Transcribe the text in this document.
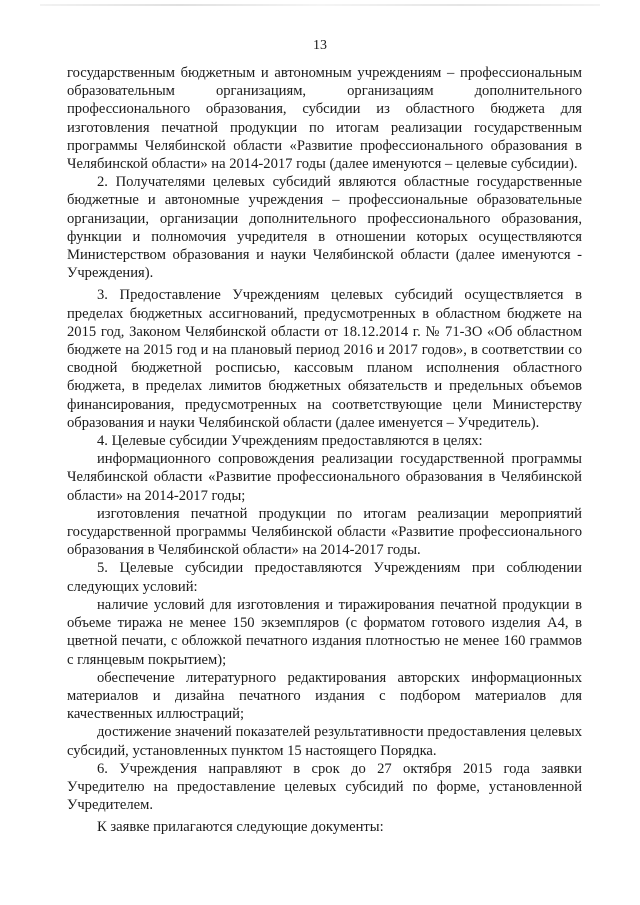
13

государственным бюджетным и автономным учреждениям – профессиональным образовательным организациям, организациям дополнительного профессионального образования, субсидии из областного бюджета для изготовления печатной продукции по итогам реализации государственным программы Челябинской области «Развитие профессионального образования в Челябинской области» на 2014-2017 годы (далее именуются – целевые субсидии).

2. Получателями целевых субсидий являются областные государственные бюджетные и автономные учреждения – профессиональные образовательные организации, организации дополнительного профессионального образования, функции и полномочия учредителя в отношении которых осуществляются Министерством образования и науки Челябинской области (далее именуются - Учреждения).

3. Предоставление Учреждениям целевых субсидий осуществляется в пределах бюджетных ассигнований, предусмотренных в областном бюджете на 2015 год, Законом Челябинской области от 18.12.2014 г. № 71-ЗО «Об областном бюджете на 2015 год и на плановый период 2016 и 2017 годов», в соответствии со сводной бюджетной росписью, кассовым планом исполнения областного бюджета, в пределах лимитов бюджетных обязательств и предельных объемов финансирования, предусмотренных на соответствующие цели Министерству образования и науки Челябинской области (далее именуется – Учредитель).

4. Целевые субсидии Учреждениям предоставляются в целях:

информационного сопровождения реализации государственной программы Челябинской области «Развитие профессионального образования в Челябинской области» на 2014-2017 годы;

изготовления печатной продукции по итогам реализации мероприятий государственной программы Челябинской области «Развитие профессионального образования в Челябинской области» на 2014-2017 годы.

5. Целевые субсидии предоставляются Учреждениям при соблюдении следующих условий:

наличие условий для изготовления и тиражирования печатной продукции в объеме тиража не менее 150 экземпляров (с форматом готового изделия А4, в цветной печати, с обложкой печатного издания плотностью не менее 160 граммов с глянцевым покрытием);

обеспечение литературного редактирования авторских информационных материалов и дизайна печатного издания с подбором материалов для качественных иллюстраций;

достижение значений показателей результативности предоставления целевых субсидий, установленных пунктом 15 настоящего Порядка.

6. Учреждения направляют в срок до 27 октября 2015 года заявки Учредителю на предоставление целевых субсидий по форме, установленной Учредителем.

К заявке прилагаются следующие документы:
